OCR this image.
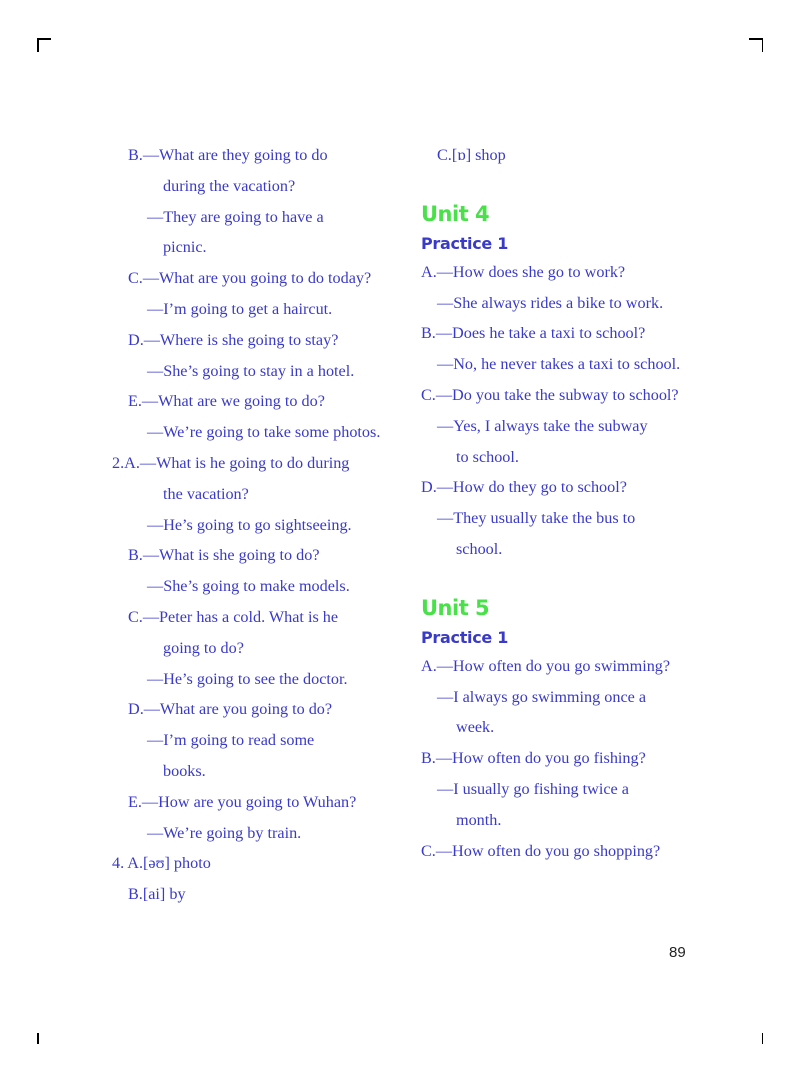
B.—What are they going to do
during the vacation?
—They are going to have a
picnic.
C.—What are you going to do today?
—I’m going to get a haircut.
D.—Where is she going to stay?
—She’s going to stay in a hotel.
E.—What are we going to do?
—We’re going to take some photos.
2.A.—What is he going to do during
the vacation?
—He’s going to go sightseeing.
B.—What is she going to do?
—She’s going to make models.
C.—Peter has a cold. What is he
going to do?
—He’s going to see the doctor.
D.—What are you going to do?
—I’m going to read some
books.
E.—How are you going to Wuhan?
—We’re going by train.
4. A.[əʊ] photo
B.[ai] by
C.[ɒ] shop
Unit 4
Practice 1
A.—How does she go to work?
—She always rides a bike to work.
B.—Does he take a taxi to school?
—No, he never takes a taxi to school.
C.—Do you take the subway to school?
—Yes, I always take the subway
to school.
D.—How do they go to school?
—They usually take the bus to
school.
Unit 5
Practice 1
A.—How often do you go swimming?
—I always go swimming once a
week.
B.—How often do you go fishing?
—I usually go fishing twice a
month.
C.—How often do you go shopping?
89
